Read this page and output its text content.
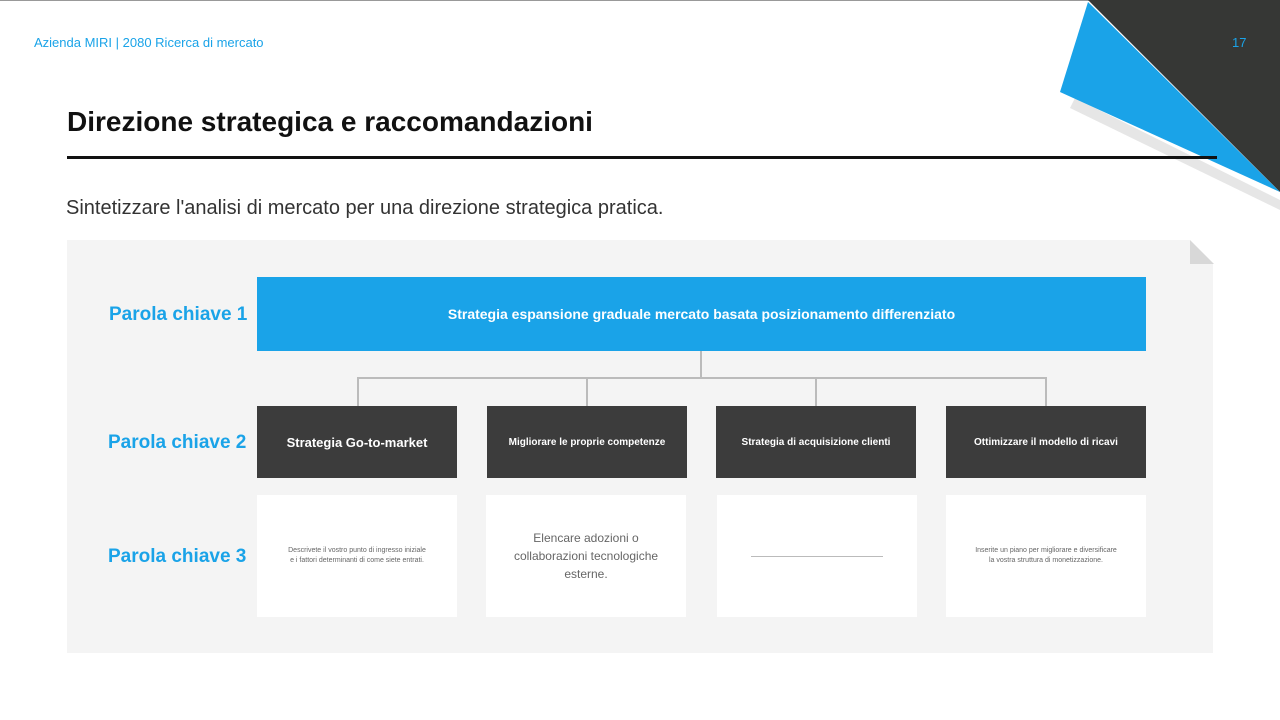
Azienda MIRI | 2080 Ricerca di mercato	17
Direzione strategica e raccomandazioni
Sintetizzare l'analisi di mercato per una direzione strategica pratica.
Parola chiave 1
Parola chiave 2
Parola chiave 3
Strategia espansione graduale mercato basata posizionamento differenziato
Strategia Go-to-market	Migliorare le proprie competenze	Strategia di acquisizione clienti	Ottimizzare il modello di ricavi
Descrivete il vostro punto di ingresso iniziale e i fattori determinanti di come siete entrati.
Elencare adozioni o collaborazioni tecnologiche esterne.
Inserite un piano per migliorare e diversificare la vostra struttura di monetizzazione.
